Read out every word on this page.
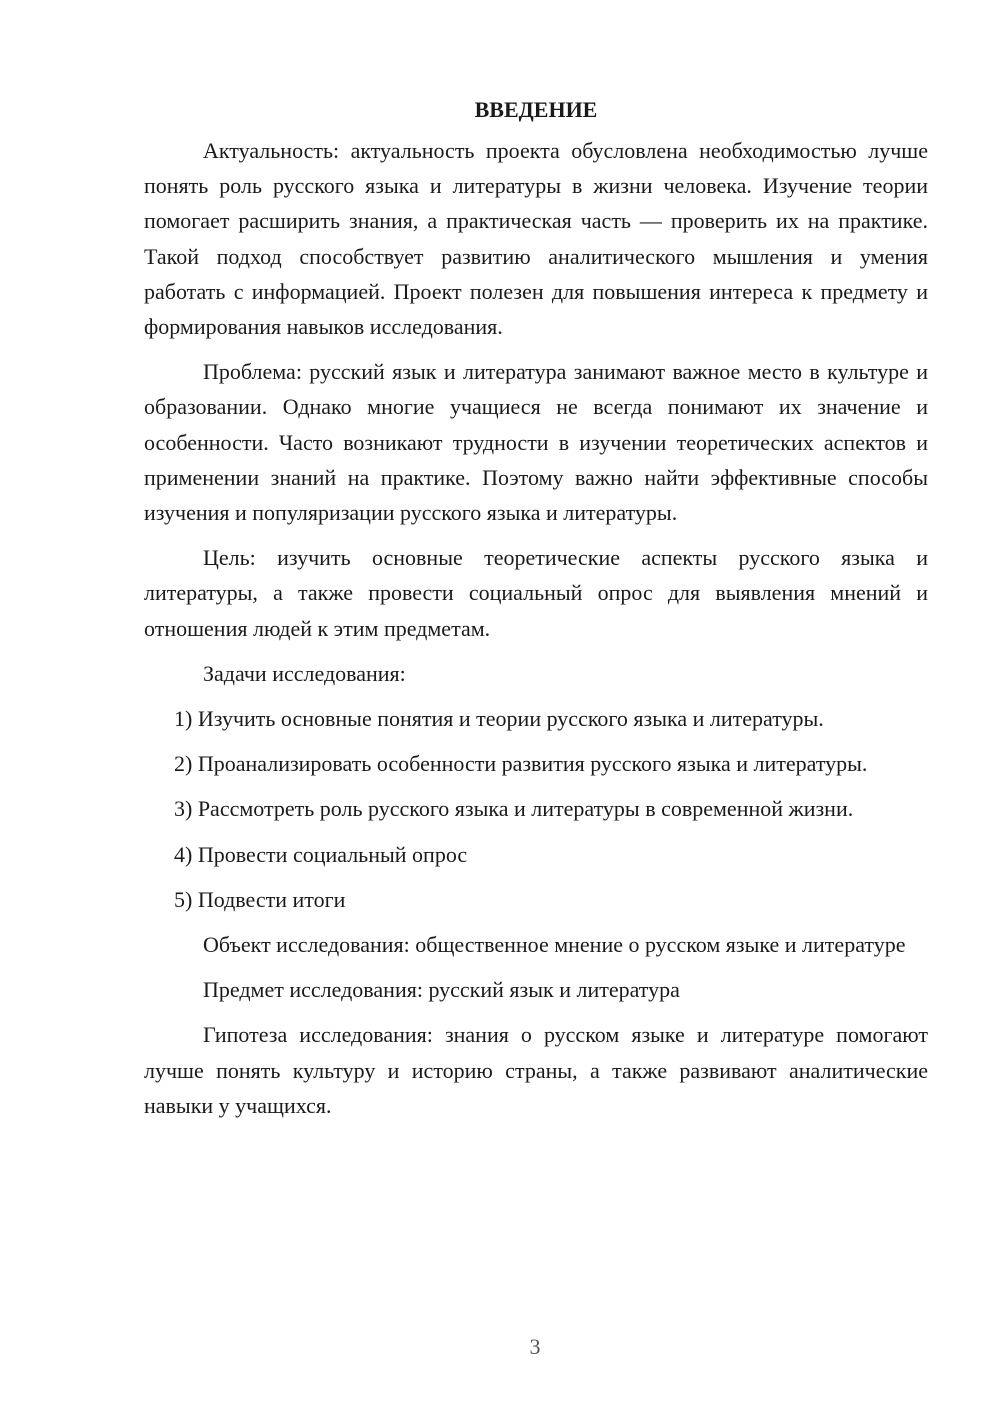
ВВЕДЕНИЕ

Актуальность: актуальность проекта обусловлена необходимостью лучше понять роль русского языка и литературы в жизни человека. Изучение теории помогает расширить знания, а практическая часть — проверить их на практике. Такой подход способствует развитию аналитического мышления и умения работать с информацией. Проект полезен для повышения интереса к предмету и формирования навыков исследования.

Проблема: русский язык и литература занимают важное место в культуре и образовании. Однако многие учащиеся не всегда понимают их значение и особенности. Часто возникают трудности в изучении теоретических аспектов и применении знаний на практике. Поэтому важно найти эффективные способы изучения и популяризации русского языка и литературы.

Цель: изучить основные теоретические аспекты русского языка и литературы, а также провести социальный опрос для выявления мнений и отношения людей к этим предметам.

Задачи исследования:

1) Изучить основные понятия и теории русского языка и литературы.

2) Проанализировать особенности развития русского языка и литературы.

3) Рассмотреть роль русского языка и литературы в современной жизни.

4) Провести социальный опрос

5) Подвести итоги

Объект исследования: общественное мнение о русском языке и литературе

Предмет исследования: русский язык и литература

Гипотеза исследования: знания о русском языке и литературе помогают лучше понять культуру и историю страны, а также развивают аналитические навыки у учащихся.

3
